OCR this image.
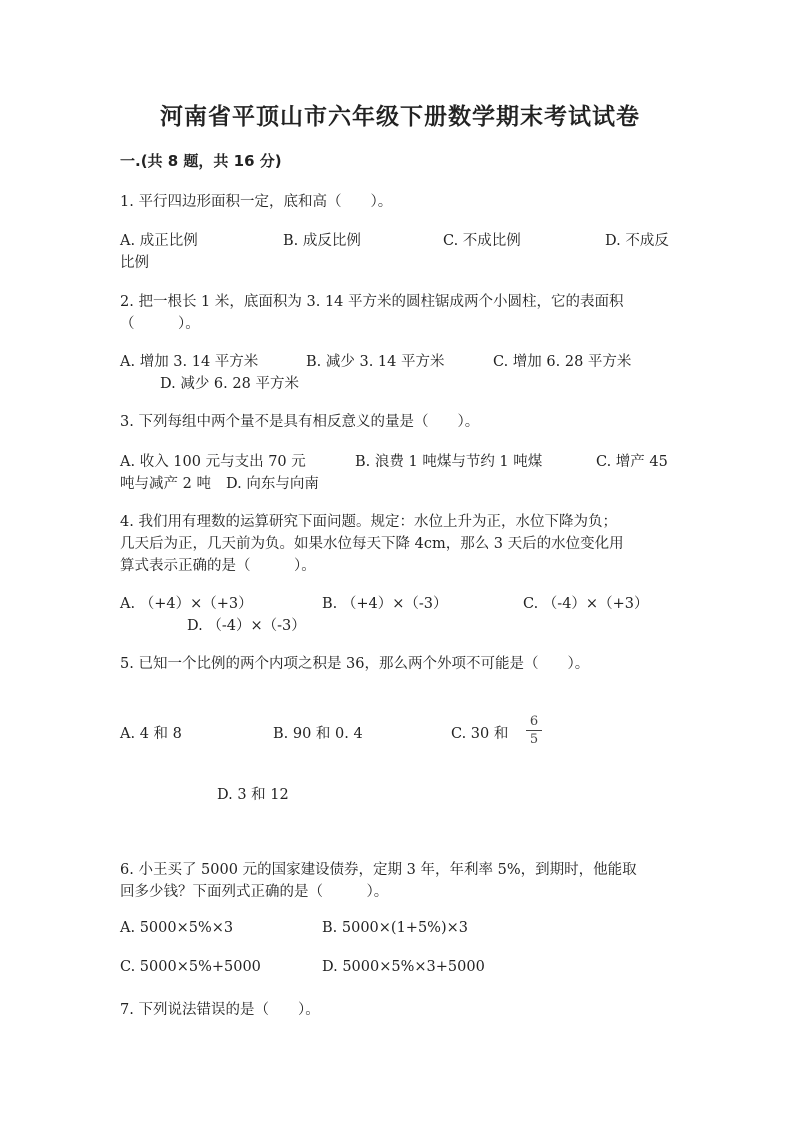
河南省平顶山市六年级下册数学期末考试试卷
一.(共 8 题，共 16 分)
1. 平行四边形面积一定，底和高（　　）。
A. 成正比例	B. 成反比例	C. 不成比例	D. 不成反
比例
2. 把一根长 1 米，底面积为 3. 14 平方米的圆柱锯成两个小圆柱，它的表面积
（　　　）。
A. 增加 3. 14 平方米	B. 减少 3. 14 平方米	C. 增加 6. 28 平方米
D. 减少 6. 28 平方米
3. 下列每组中两个量不是具有相反意义的量是（　　）。
A. 收入 100 元与支出 70 元	B. 浪费 1 吨煤与节约 1 吨煤	C. 增产 45
吨与减产 2 吨 D. 向东与向南
4. 我们用有理数的运算研究下面问题。规定：水位上升为正，水位下降为负；
几天后为正，几天前为负。如果水位每天下降 4cm，那么 3 天后的水位变化用
算式表示正确的是（　　　）。
A. （+4）×（+3）	B. （+4）×（-3）	C. （-4）×（+3）
D. （-4）×（-3）
5. 已知一个比例的两个内项之积是 36，那么两个外项不可能是（　　）。
A. 4 和 8	B. 90 和 0. 4	C. 30 和
6
5
D. 3 和 12
6. 小王买了 5000 元的国家建设债券，定期 3 年，年利率 5%，到期时，他能取
回多少钱？下面列式正确的是（　　　）。
A. 5000×5%×3	B. 5000×(1+5%)×3
C. 5000×5%+5000	D. 5000×5%×3+5000
7. 下列说法错误的是（　　）。
